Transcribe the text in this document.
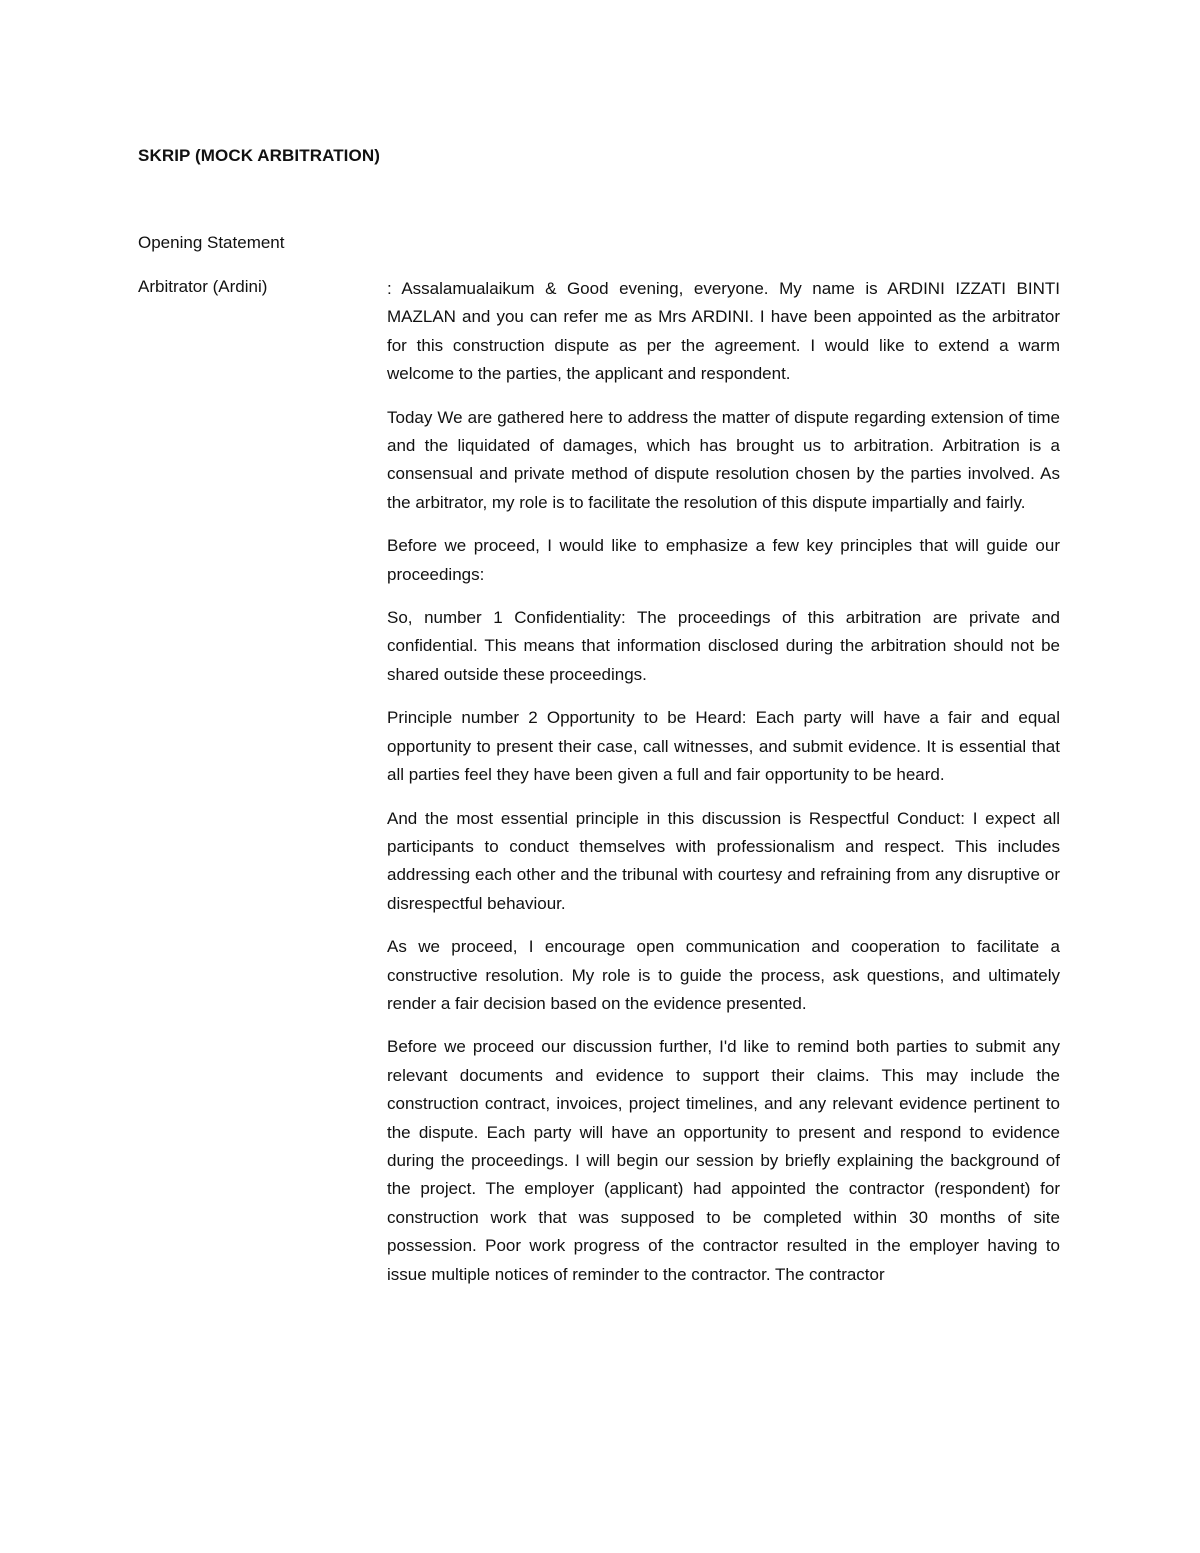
SKRIP (MOCK ARBITRATION)
Opening Statement
Arbitrator (Ardini)	: Assalamualaikum & Good evening, everyone. My name is ARDINI IZZATI BINTI MAZLAN and you can refer me as Mrs ARDINI. I have been appointed as the arbitrator for this construction dispute as per the agreement. I would like to extend a warm welcome to the parties, the applicant and respondent.

Today We are gathered here to address the matter of dispute regarding extension of time and the liquidated of damages, which has brought us to arbitration. Arbitration is a consensual and private method of dispute resolution chosen by the parties involved. As the arbitrator, my role is to facilitate the resolution of this dispute impartially and fairly.

Before we proceed, I would like to emphasize a few key principles that will guide our proceedings:

So, number 1 Confidentiality: The proceedings of this arbitration are private and confidential. This means that information disclosed during the arbitration should not be shared outside these proceedings.

Principle number 2 Opportunity to be Heard: Each party will have a fair and equal opportunity to present their case, call witnesses, and submit evidence. It is essential that all parties feel they have been given a full and fair opportunity to be heard.

And the most essential principle in this discussion is Respectful Conduct: I expect all participants to conduct themselves with professionalism and respect. This includes addressing each other and the tribunal with courtesy and refraining from any disruptive or disrespectful behaviour.

As we proceed, I encourage open communication and cooperation to facilitate a constructive resolution. My role is to guide the process, ask questions, and ultimately render a fair decision based on the evidence presented.

Before we proceed our discussion further, I'd like to remind both parties to submit any relevant documents and evidence to support their claims. This may include the construction contract, invoices, project timelines, and any relevant evidence pertinent to the dispute. Each party will have an opportunity to present and respond to evidence during the proceedings. I will begin our session by briefly explaining the background of the project. The employer (applicant) had appointed the contractor (respondent) for construction work that was supposed to be completed within 30 months of site possession. Poor work progress of the contractor resulted in the employer having to issue multiple notices of reminder to the contractor. The contractor
